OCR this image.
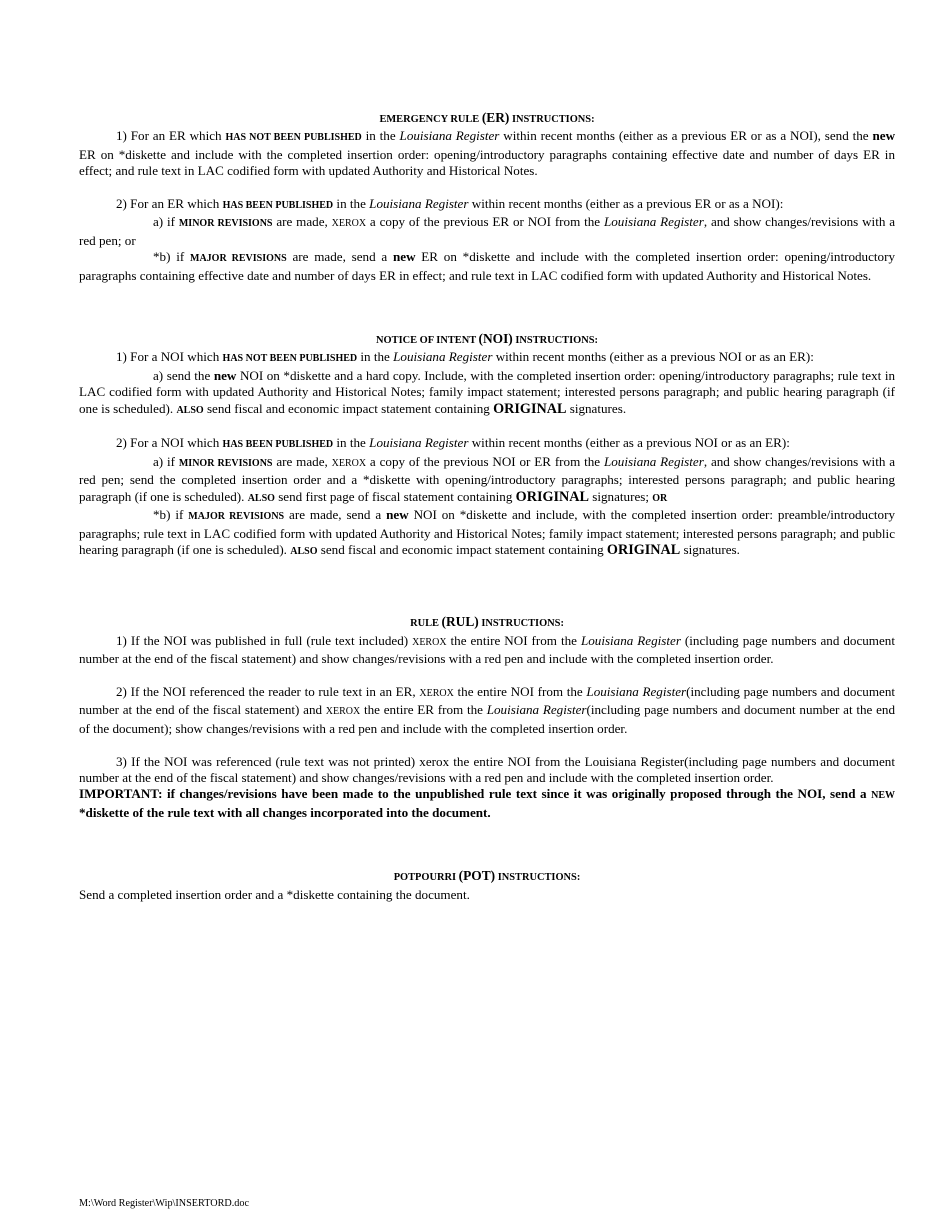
EMERGENCY RULE (ER) INSTRUCTIONS:
1) For an ER which HAS NOT BEEN PUBLISHED in the Louisiana Register within recent months (either as a previous ER or as a NOI), send the new ER on *diskette and include with the completed insertion order: opening/introductory paragraphs containing effective date and number of days ER in effect; and rule text in LAC codified form with updated Authority and Historical Notes.
2) For an ER which HAS BEEN PUBLISHED in the Louisiana Register within recent months (either as a previous ER or as a NOI):
a) if MINOR REVISIONS are made, XEROX a copy of the previous ER or NOI from the Louisiana Register, and show changes/revisions with a red pen; or
*b) if MAJOR REVISIONS are made, send a new ER on *diskette and include with the completed insertion order: opening/introductory paragraphs containing effective date and number of days ER in effect; and rule text in LAC codified form with updated Authority and Historical Notes.
NOTICE OF INTENT (NOI) INSTRUCTIONS:
1) For a NOI which HAS NOT BEEN PUBLISHED in the Louisiana Register within recent months (either as a previous NOI or as an ER):
a) send the new NOI on *diskette and a hard copy. Include, with the completed insertion order: opening/introductory paragraphs; rule text in LAC codified form with updated Authority and Historical Notes; family impact statement; interested persons paragraph; and public hearing paragraph (if one is scheduled). ALSO send fiscal and economic impact statement containing ORIGINAL signatures.
2) For a NOI which HAS BEEN PUBLISHED in the Louisiana Register within recent months (either as a previous NOI or as an ER):
a) if MINOR REVISIONS are made, XEROX a copy of the previous NOI or ER from the Louisiana Register, and show changes/revisions with a red pen; send the completed insertion order and a *diskette with opening/introductory paragraphs; interested persons paragraph; and public hearing paragraph (if one is scheduled). ALSO send first page of fiscal statement containing ORIGINAL signatures; OR
*b) if MAJOR REVISIONS are made, send a new NOI on *diskette and include, with the completed insertion order: preamble/introductory paragraphs; rule text in LAC codified form with updated Authority and Historical Notes; family impact statement; interested persons paragraph; and public hearing paragraph (if one is scheduled). ALSO send fiscal and economic impact statement containing ORIGINAL signatures.
RULE (RUL) INSTRUCTIONS:
1) If the NOI was published in full (rule text included) XEROX the entire NOI from the Louisiana Register (including page numbers and document number at the end of the fiscal statement) and show changes/revisions with a red pen and include with the completed insertion order.
2) If the NOI referenced the reader to rule text in an ER, XEROX the entire NOI from the Louisiana Register(including page numbers and document number at the end of the fiscal statement) and XEROX the entire ER from the Louisiana Register(including page numbers and document number at the end of the document); show changes/revisions with a red pen and include with the completed insertion order.
3) If the NOI was referenced (rule text was not printed) xerox the entire NOI from the Louisiana Register(including page numbers and document number at the end of the fiscal statement) and show changes/revisions with a red pen and include with the completed insertion order.
IMPORTANT: if changes/revisions have been made to the unpublished rule text since it was originally proposed through the NOI, send a NEW *diskette of the rule text with all changes incorporated into the document.
POTPOURRI (POT) INSTRUCTIONS:
Send a completed insertion order and a *diskette containing the document.
M:\Word Register\Wip\INSERTORD.doc
